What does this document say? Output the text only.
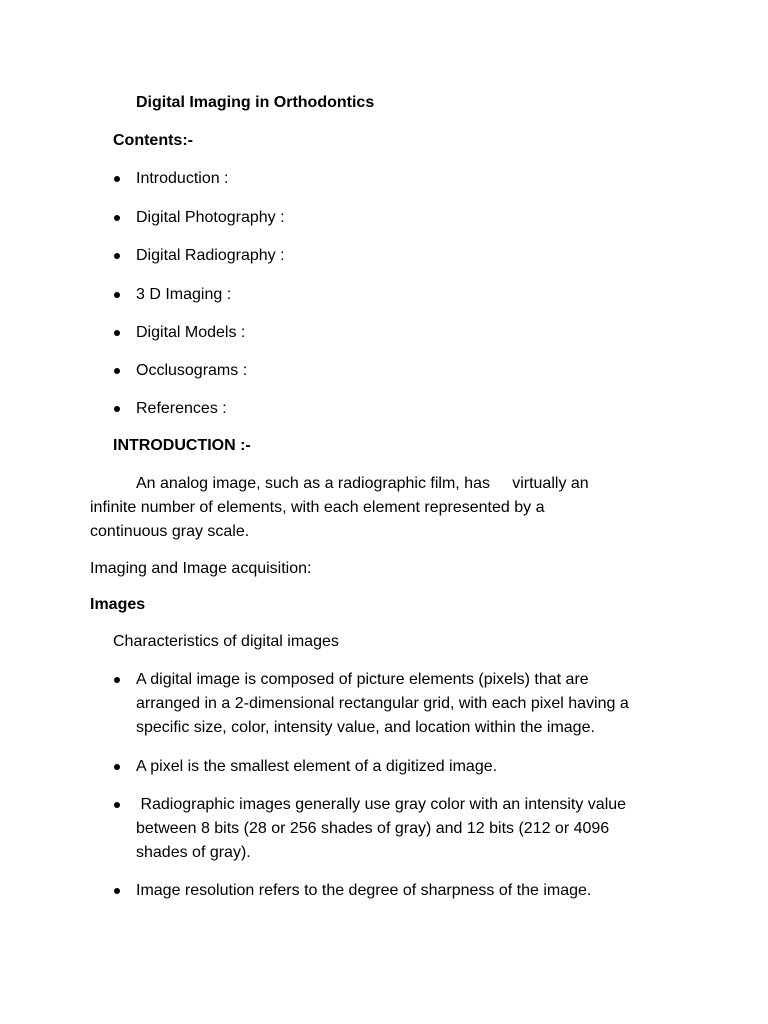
Digital Imaging in Orthodontics
Contents:-
Introduction :
Digital Photography :
Digital Radiography :
3 D Imaging :
Digital Models :
Occlusograms :
References :
INTRODUCTION :-
An analog image, such as a radiographic film, has     virtually an
infinite number of elements, with each element represented by a
continuous gray scale.
Imaging and Image acquisition:
Images
Characteristics of digital images
A digital image is composed of picture elements (pixels) that are
arranged in a 2-dimensional rectangular grid, with each pixel having a
specific size, color, intensity value, and location within the image.
A pixel is the smallest element of a digitized image.
Radiographic images generally use gray color with an intensity value
between 8 bits (28 or 256 shades of gray) and 12 bits (212 or 4096
shades of gray).
Image resolution refers to the degree of sharpness of the image.
